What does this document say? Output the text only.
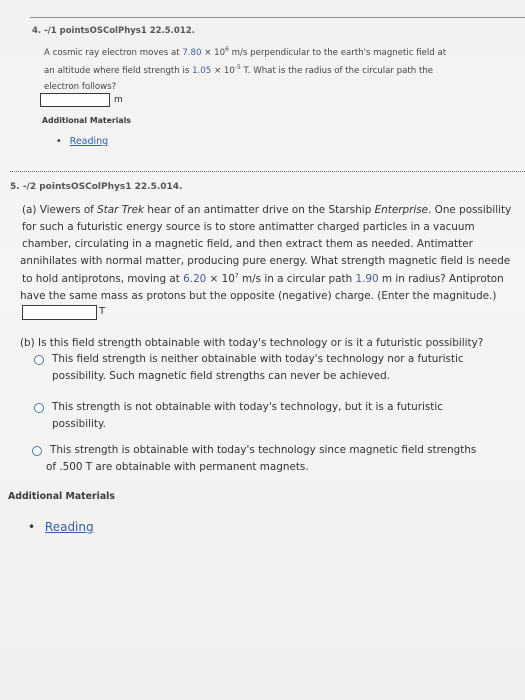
4. -/1 pointsOSColPhys1 22.5.012.
A cosmic ray electron moves at $7.80 \times 10^6$ m/s perpendicular to the earth's magnetic field at
an altitude where field strength is $1.05 \times 10^{-5}$ T. What is the radius of the circular path the
electron follows?
m
Additional Materials
• Reading
5. -/2 pointsOSColPhys1 22.5.014.
(a) Viewers of Star Trek hear of an antimatter drive on the Starship Enterprise. One possibility
for such a futuristic energy source is to store antimatter charged particles in a vacuum
chamber, circulating in a magnetic field, and then extract them as needed. Antimatter
annihilates with normal matter, producing pure energy. What strength magnetic field is neede
to hold antiprotons, moving at $6.20 \times 10^7$ m/s in a circular path 1.90 m in radius? Antiproton
have the same mass as protons but the opposite (negative) charge. (Enter the magnitude.)
T
(b) Is this field strength obtainable with today's technology or is it a futuristic possibility?
This field strength is neither obtainable with today's technology nor a futuristic
possibility. Such magnetic field strengths can never be achieved.
This strength is not obtainable with today's technology, but it is a futuristic
possibility.
This strength is obtainable with today's technology since magnetic field strengths
of .500 T are obtainable with permanent magnets.
Additional Materials
• Reading
